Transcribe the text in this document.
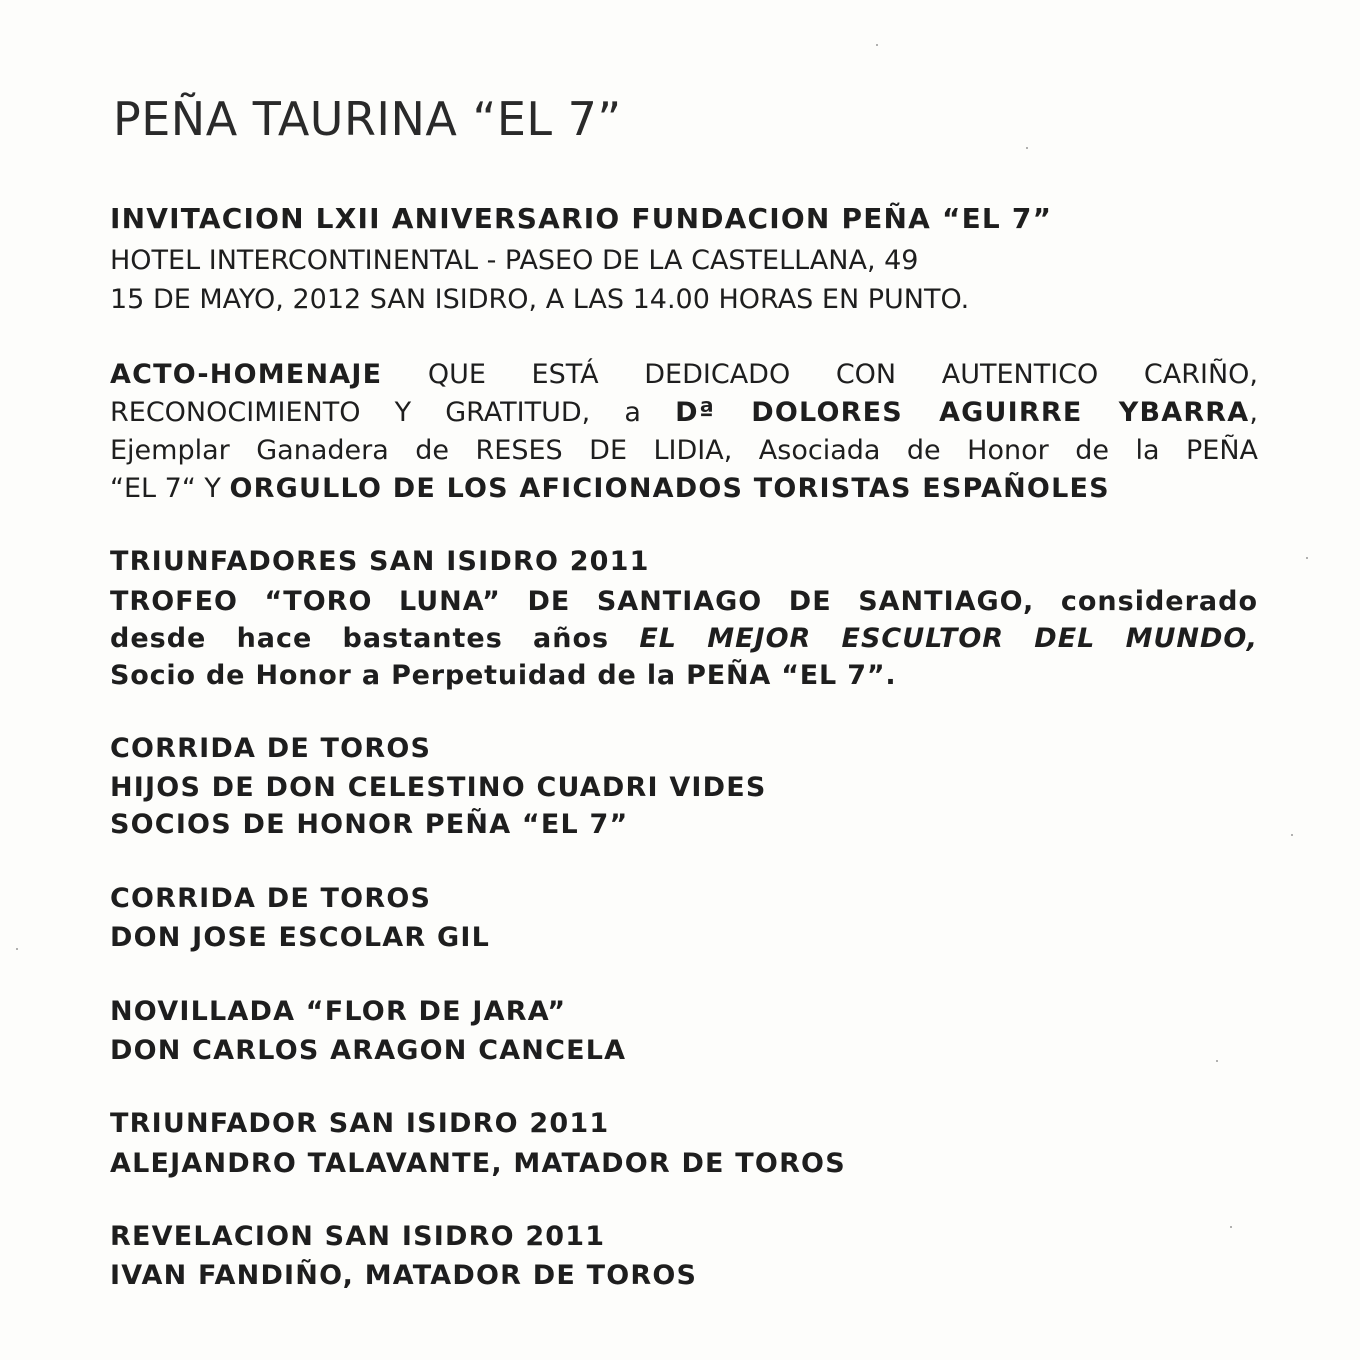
PEÑA TAURINA “EL 7”
INVITACION LXII ANIVERSARIO FUNDACION PEÑA “EL 7”
HOTEL INTERCONTINENTAL - PASEO DE LA CASTELLANA, 49
15 DE MAYO, 2012 SAN ISIDRO, A LAS 14.00 HORAS EN PUNTO.
ACTO-HOMENAJE QUE ESTÁ DEDICADO CON AUTENTICO CARIÑO,
RECONOCIMIENTO Y GRATITUD, a Dª DOLORES AGUIRRE YBARRA,
Ejemplar Ganadera de RESES DE LIDIA, Asociada de Honor de la PEÑA
“EL 7“ Y ORGULLO DE LOS AFICIONADOS TORISTAS ESPAÑOLES
TRIUNFADORES SAN ISIDRO 2011
TROFEO “TORO LUNA” DE SANTIAGO DE SANTIAGO, considerado
desde hace bastantes años EL MEJOR ESCULTOR DEL MUNDO,
Socio de Honor a Perpetuidad de la PEÑA “EL 7”.
CORRIDA DE TOROS
HIJOS DE DON CELESTINO CUADRI VIDES
SOCIOS DE HONOR PEÑA “EL 7”
CORRIDA DE TOROS
DON JOSE ESCOLAR GIL
NOVILLADA “FLOR DE JARA”
DON CARLOS ARAGON CANCELA
TRIUNFADOR SAN ISIDRO 2011
ALEJANDRO TALAVANTE, MATADOR DE TOROS
REVELACION SAN ISIDRO 2011
IVAN FANDIÑO, MATADOR DE TOROS
